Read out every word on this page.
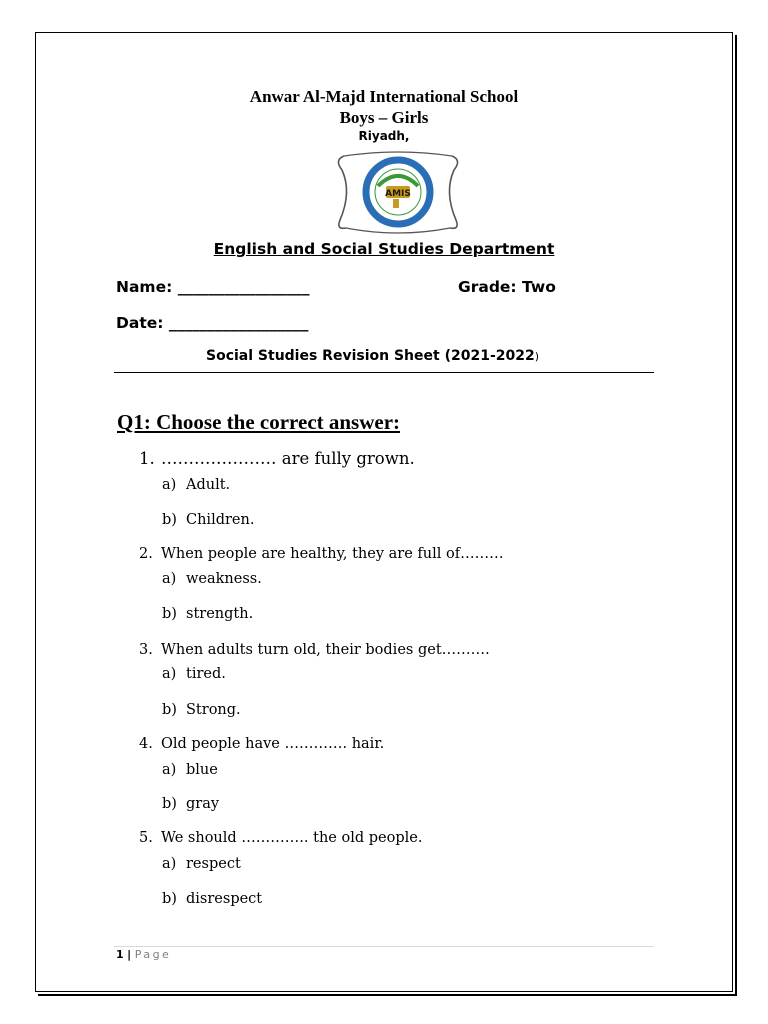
Anwar Al-Majd International School
Boys – Girls
Riyadh,
AMIS
English and Social Studies Department
Name: _________________	Grade: Two
Date: __________________
Social Studies Revision Sheet (2021-2022)
Q1: Choose the correct answer:
1. ………………… are fully grown.
a) Adult.
b) Children.
2. When people are healthy, they are full of………
a) weakness.
b) strength.
3. When adults turn old, their bodies get……….
a) tired.
b) Strong.
4. Old people have …………. hair.
a) blue
b) gray
5. We should ………….. the old people.
a) respect
b) disrespect
1 | Page
